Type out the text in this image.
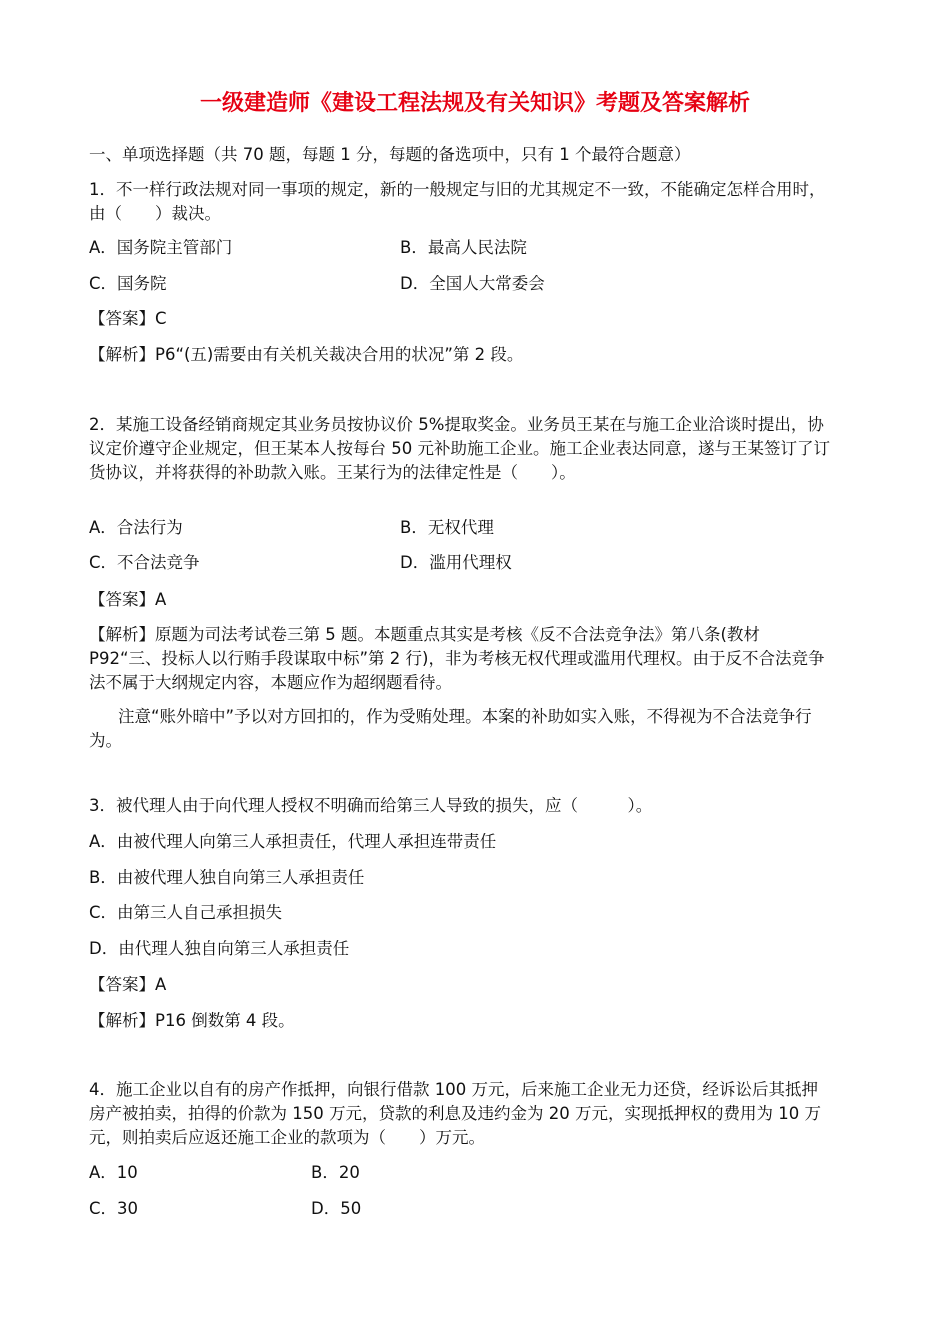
一级建造师《建设工程法规及有关知识》考题及答案解析
一、单项选择题（共 70 题，每题 1 分，每题的备选项中，只有 1 个最符合题意）
1．不一样行政法规对同一事项的规定，新的一般规定与旧的尤其规定不一致，不能确定怎样合用时，由（　　）裁决。
A．国务院主管部门	B．最高人民法院
C．国务院	D．全国人大常委会
【答案】C
【解析】P6“(五)需要由有关机关裁决合用的状况”第 2 段。
2．某施工设备经销商规定其业务员按协议价 5%提取奖金。业务员王某在与施工企业洽谈时提出，协议定价遵守企业规定，但王某本人按每台 50 元补助施工企业。施工企业表达同意，遂与王某签订了订货协议，并将获得的补助款入账。王某行为的法律定性是（　　）。
A．合法行为	B．无权代理
C．不合法竞争	D．滥用代理权
【答案】A
【解析】原题为司法考试卷三第 5 题。本题重点其实是考核《反不合法竞争法》第八条(教材 P92“三、投标人以行贿手段谋取中标”第 2 行)，非为考核无权代理或滥用代理权。由于反不合法竞争法不属于大纲规定内容，本题应作为超纲题看待。
注意“账外暗中”予以对方回扣的，作为受贿处理。本案的补助如实入账，不得视为不合法竞争行为。
3．被代理人由于向代理人授权不明确而给第三人导致的损失，应（　　　）。
A．由被代理人向第三人承担责任，代理人承担连带责任
B．由被代理人独自向第三人承担责任
C．由第三人自己承担损失
D．由代理人独自向第三人承担责任
【答案】A
【解析】P16 倒数第 4 段。
4．施工企业以自有的房产作抵押，向银行借款 100 万元，后来施工企业无力还贷，经诉讼后其抵押房产被拍卖，拍得的价款为 150 万元，贷款的利息及违约金为 20 万元，实现抵押权的费用为 10 万元，则拍卖后应返还施工企业的款项为（　　）万元。
A．10	B．20
C．30	D．50
